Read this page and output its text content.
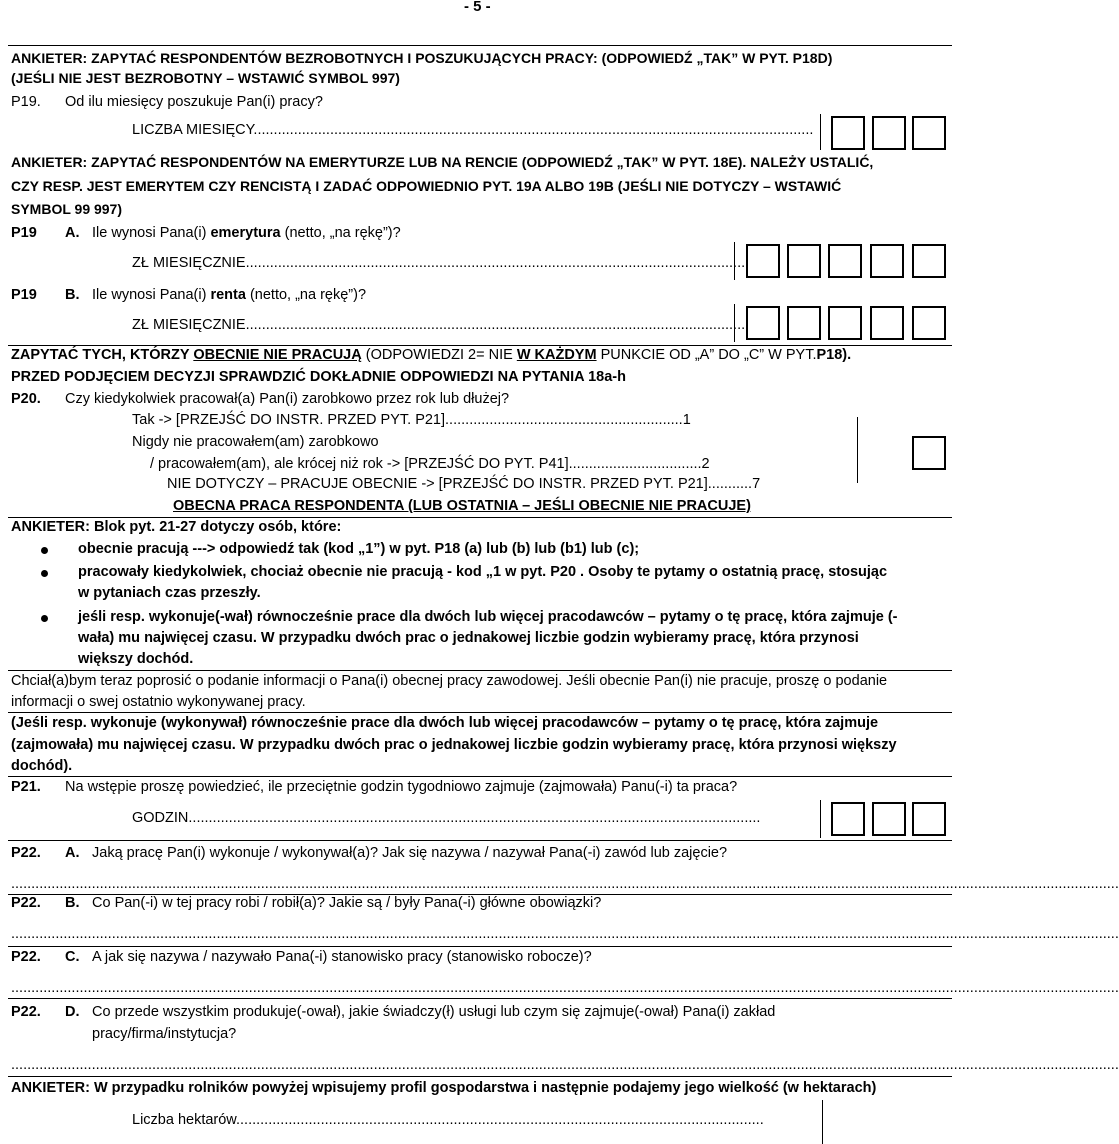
- 5 -
ANKIETER: ZAPYTAĆ RESPONDENTÓW BEZROBOTNYCH I POSZUKUJĄCYCH PRACY: (ODPOWIEDŹ „TAK” W PYT. P18D)
(JEŚLI NIE JEST BEZROBOTNY – WSTAWIĆ SYMBOL 997)
P19. Od ilu miesięcy poszukuje Pan(i) pracy?
LICZBA MIESIĘCY...........................................................................................................................................
ANKIETER: ZAPYTAĆ RESPONDENTÓW NA EMERYTURZE LUB NA RENCIE (ODPOWIEDŹ „TAK” W PYT. 18E). NALEŻY USTALIĆ,
CZY RESP. JEST EMERYTEM CZY RENCISTĄ I ZADAĆ ODPOWIEDNIO PYT. 19A ALBO 19B (JEŚLI NIE DOTYCZY – WSTAWIĆ
SYMBOL 99 997)
P19 A. Ile wynosi Pana(i) emerytura (netto, „na rękę”)?
ZŁ MIESIĘCZNIE............................................................................................................................
P19 B. Ile wynosi Pana(i) renta (netto, „na rękę”)?
ZŁ MIESIĘCZNIE............................................................................................................................
ZAPYTAĆ TYCH, KTÓRZY OBECNIE NIE PRACUJĄ (ODPOWIEDZI 2= NIE W KAŻDYM PUNKCIE OD „A” DO „C” W PYT.P18).
PRZED PODJĘCIEM DECYZJI SPRAWDZIĆ DOKŁADNIE ODPOWIEDZI NA PYTANIA 18a-h
P20. Czy kiedykolwiek pracował(a) Pan(i) zarobkowo przez rok lub dłużej?
Tak -> [PRZEJŚĆ DO INSTR. PRZED PYT. P21]...........................................................1
Nigdy nie pracowałem(am) zarobkowo
/ pracowałem(am), ale krócej niż rok -> [PRZEJŚĆ DO PYT. P41].................................2
NIE DOTYCZY – PRACUJE OBECNIE -> [PRZEJŚĆ DO INSTR. PRZED PYT. P21]...........7
OBECNA PRACA RESPONDENTA (LUB OSTATNIA – JEŚLI OBECNIE NIE PRACUJE)
ANKIETER: Blok pyt. 21-27 dotyczy osób, które:
obecnie pracują ---> odpowiedź tak (kod „1”) w pyt. P18 (a) lub (b) lub (b1) lub (c);
pracowały kiedykolwiek, chociaż obecnie nie pracują - kod „1 w pyt. P20 . Osoby te pytamy o ostatnią pracę, stosując
w pytaniach czas przeszły.
jeśli resp. wykonuje(-wał) równocześnie prace dla dwóch lub więcej pracodawców – pytamy o tę pracę, która zajmuje (-
wała) mu najwięcej czasu. W przypadku dwóch prac o jednakowej liczbie godzin wybieramy pracę, która przynosi
większy dochód.
Chciał(a)bym teraz poprosić o podanie informacji o Pana(i) obecnej pracy zawodowej. Jeśli obecnie Pan(i) nie pracuje, proszę o podanie
informacji o swej ostatnio wykonywanej pracy.
(Jeśli resp. wykonuje (wykonywał) równocześnie prace dla dwóch lub więcej pracodawców – pytamy o tę pracę, która zajmuje
(zajmowała) mu najwięcej czasu. W przypadku dwóch prac o jednakowej liczbie godzin wybieramy pracę, która przynosi większy
dochód).
P21. Na wstępie proszę powiedzieć, ile przeciętnie godzin tygodniowo zajmuje (zajmowała) Panu(-i) ta praca?
GODZIN..............................................................................................................................................
P22. A. Jaką pracę Pan(i) wykonuje / wykonywał(a)? Jak się nazywa / nazywał Pana(-i) zawód lub zajęcie?
...................................................................................................................................................................................................................................................................................
P22. B. Co Pan(-i) w tej pracy robi / robił(a)? Jakie są / były Pana(-i) główne obowiązki?
...................................................................................................................................................................................................................................................................................
P22. C. A jak się nazywa / nazywało Pana(-i) stanowisko pracy (stanowisko robocze)?
...................................................................................................................................................................................................................................................................................
P22. D. Co przede wszystkim produkuje(-ował), jakie świadczy(ł) usługi lub czym się zajmuje(-ował) Pana(i) zakład
pracy/firma/instytucja?
...................................................................................................................................................................................................................................................................................
ANKIETER: W przypadku rolników powyżej wpisujemy profil gospodarstwa i następnie podajemy jego wielkość (w hektarach)
Liczba hektarów...................................................................................................................................
